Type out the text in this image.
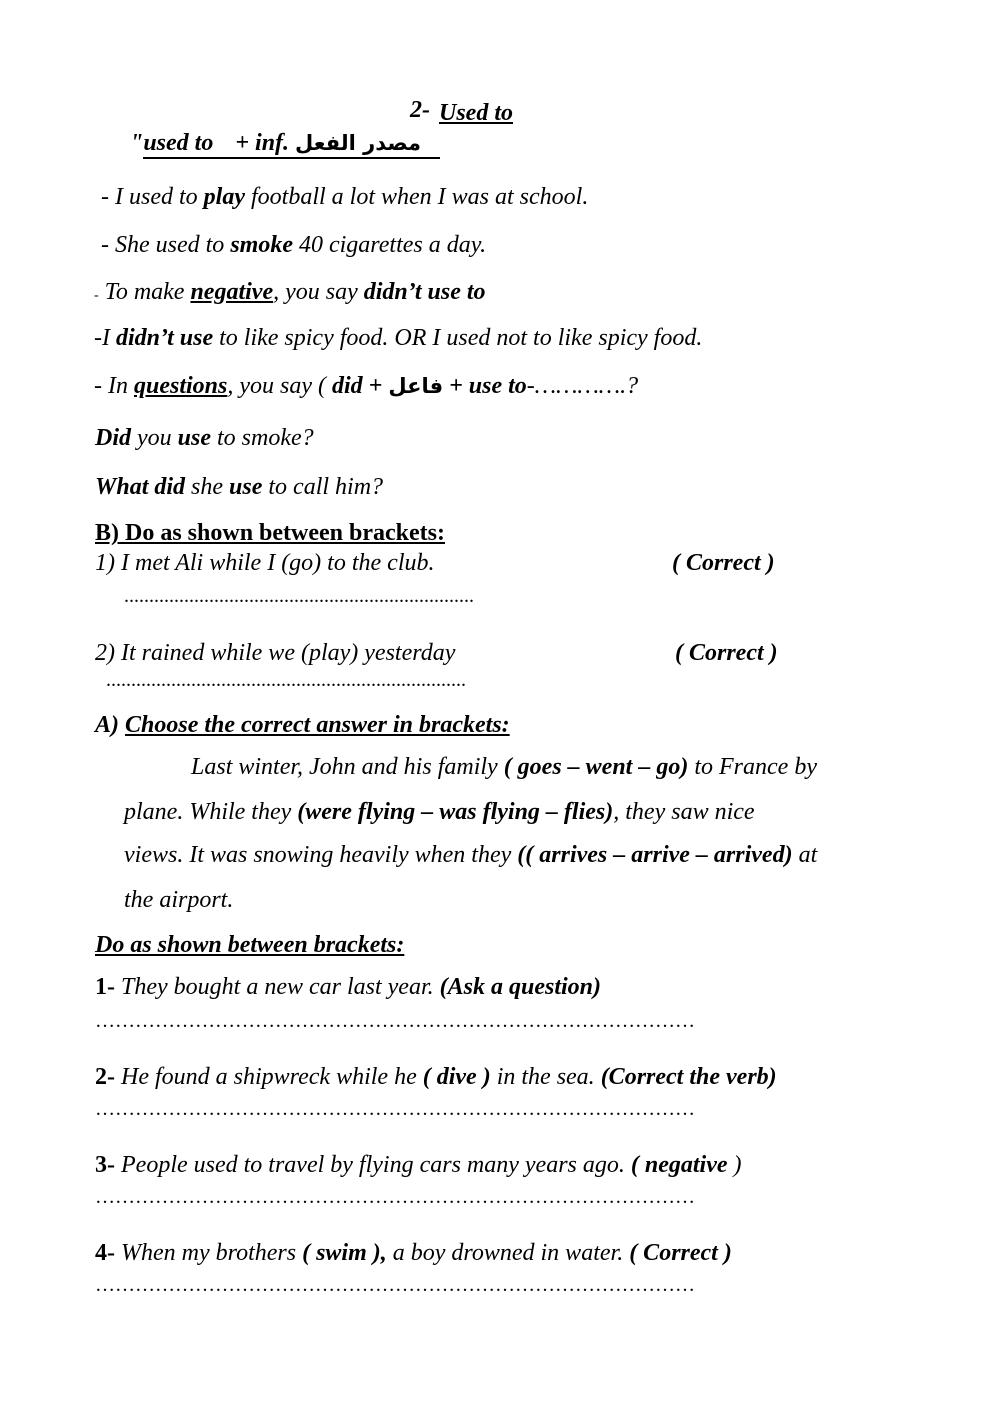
2- Used to
"used to + inf. مصدر الفعل
- I used to play football a lot when I was at school.
- She used to smoke 40 cigarettes a day.
- To make negative, you say didn’t use to
-I didn’t use to like spicy food. OR I used not to like spicy food.
- In questions, you say ( did + فاعل + use to-………….?
Did you use to smoke?
What did she use to call him?
B) Do as shown between brackets:
1) I met Ali while I (go) to the club.	( Correct )
......................................................................
2) It rained while we (play) yesterday	( Correct )
........................................................................
A) Choose the correct answer in brackets:
Last winter, John and his family ( goes – went – go) to France by
plane. While they (were flying – was flying – flies), they saw nice
views. It was snowing heavily when they (( arrives – arrive – arrived) at
the airport.
Do as shown between brackets:
1- They bought a new car last year. (Ask a question)
………………………………………………………………………………
2- He found a shipwreck while he ( dive ) in the sea. (Correct the verb)
………………………………………………………………………………
3- People used to travel by flying cars many years ago. ( negative )
………………………………………………………………………………
4- When my brothers ( swim ), a boy drowned in water. ( Correct )
………………………………………………………………………………
